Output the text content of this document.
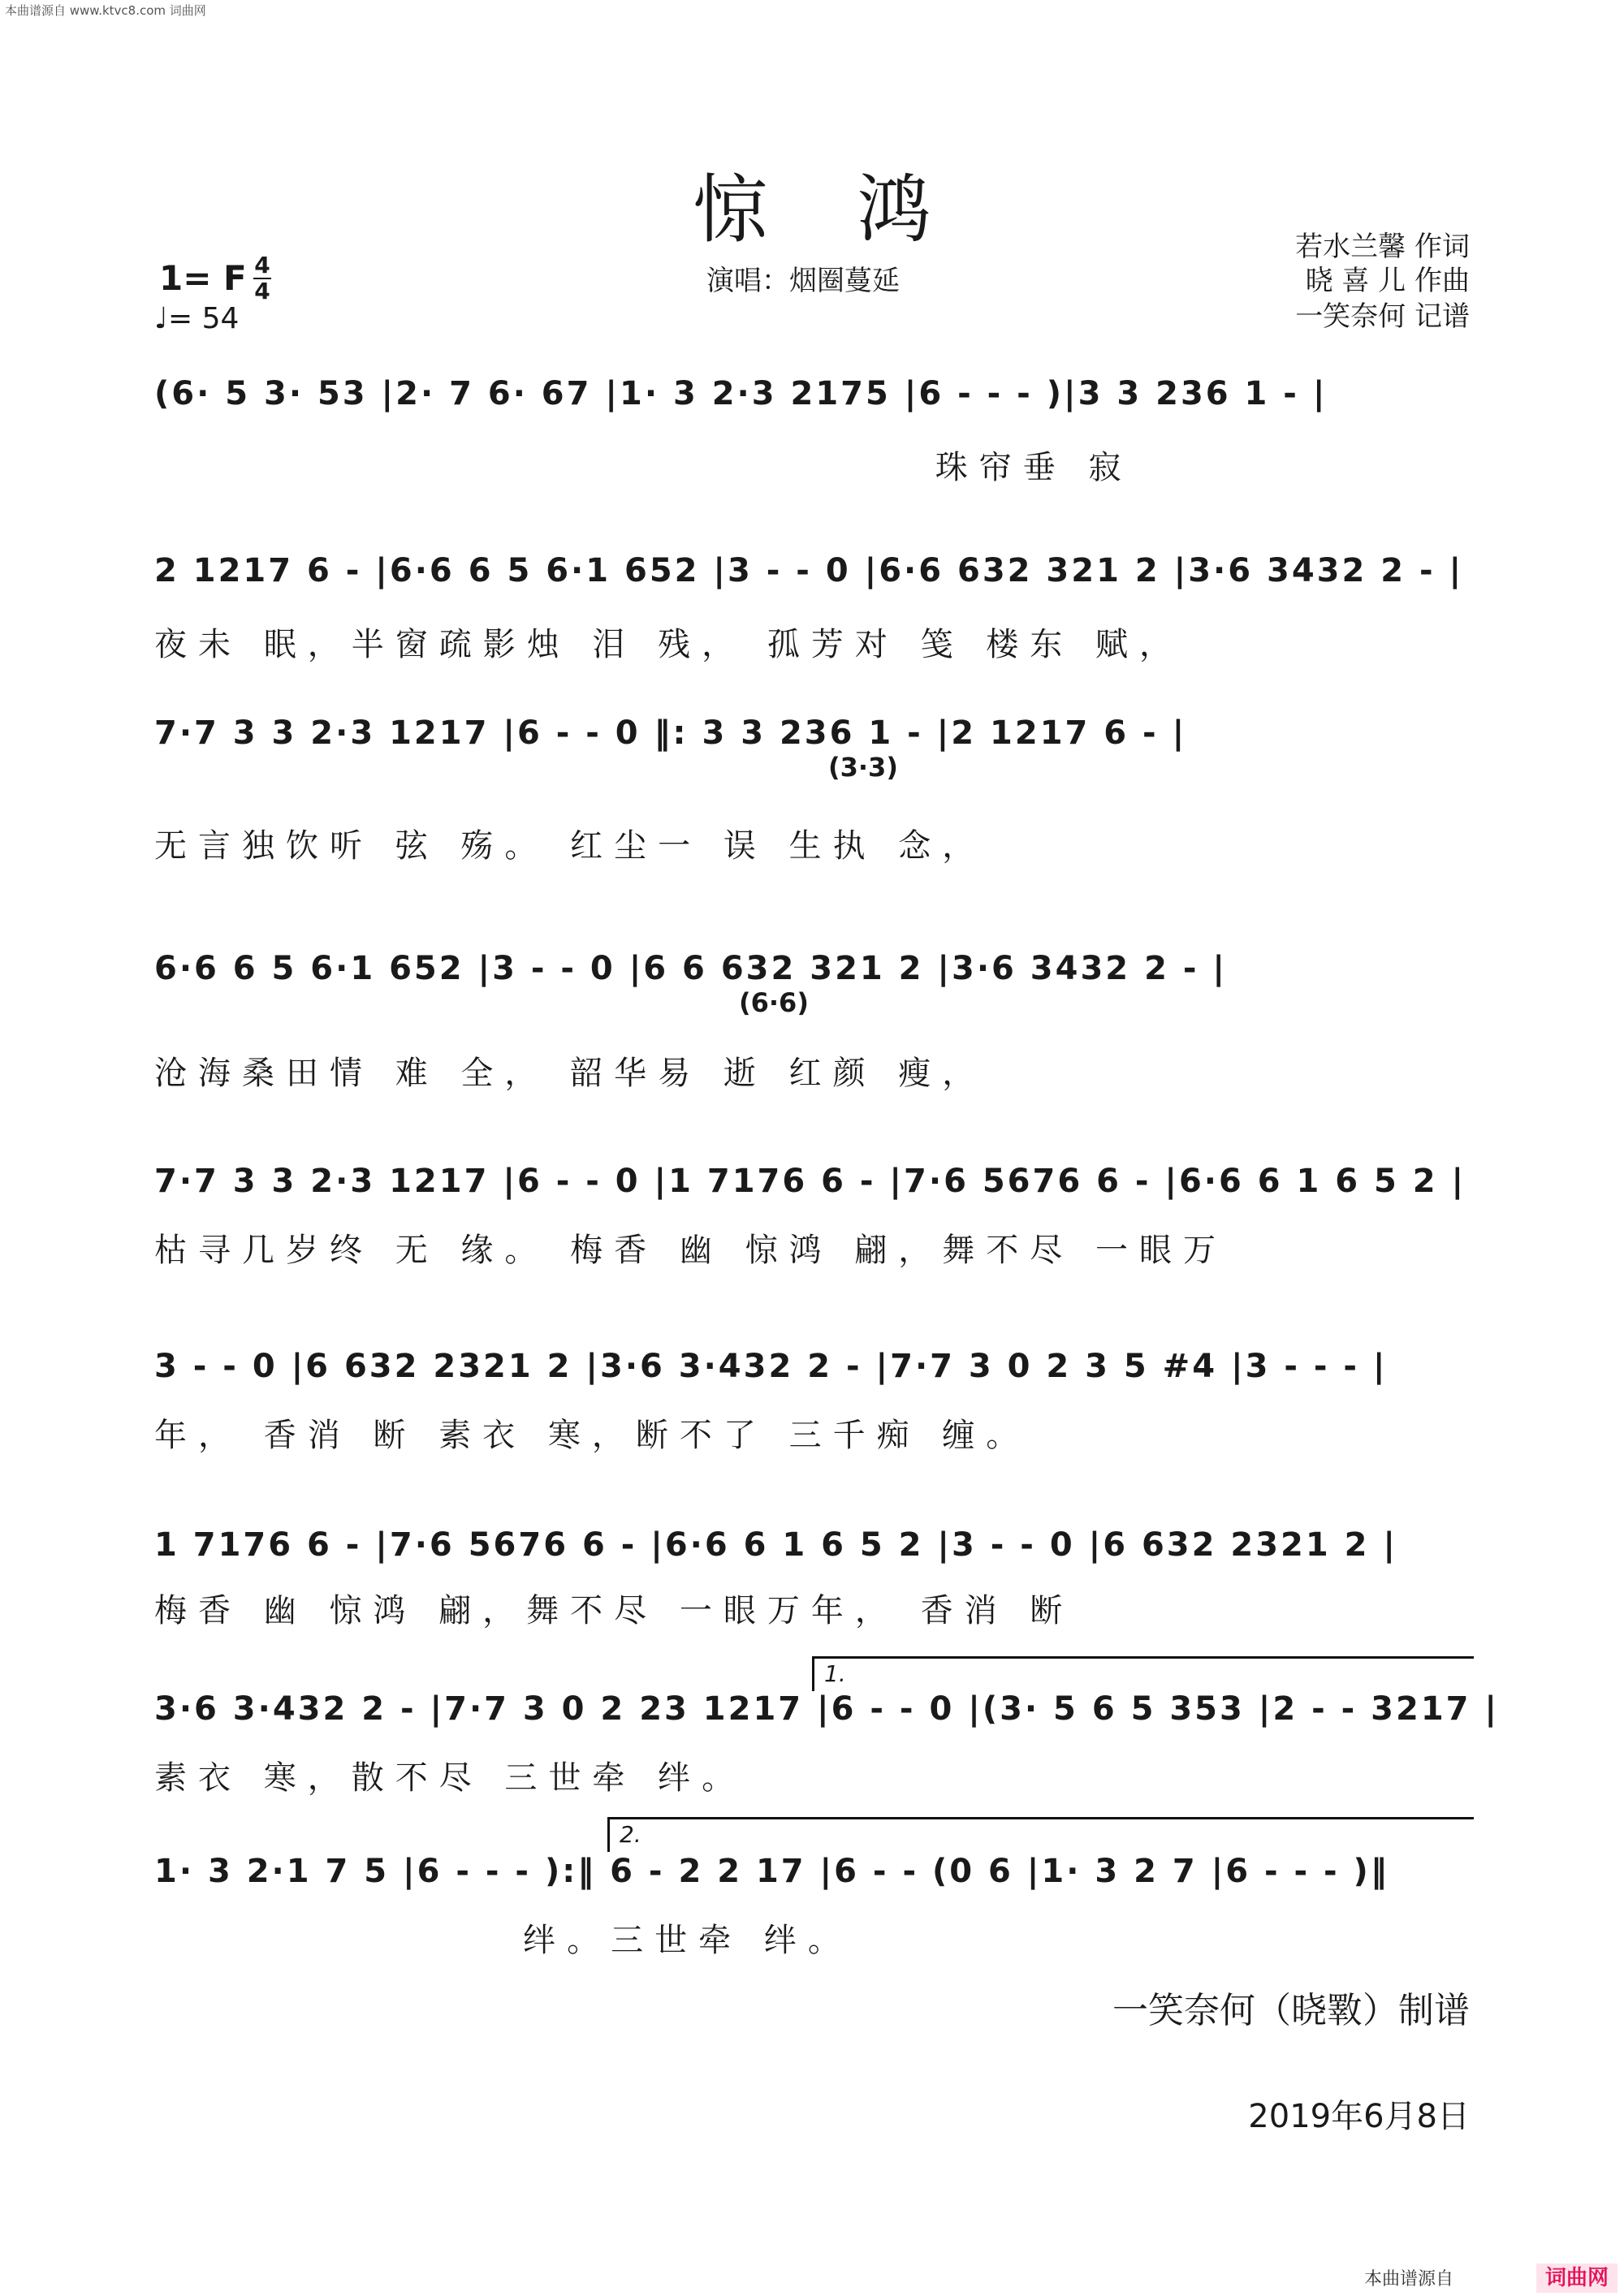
本曲谱源自 www.ktvc8.com 词曲网
惊鸿
1= F 4
4
♩= 54
演唱：烟圈蔓延
若水兰馨 作词
晓 喜 儿 作曲
一笑奈何 记谱
(6· 5 3· 53 |2· 7 6· 67 |1· 3 2·3 2175 |6 - - - )|3 3 236 1 - |
珠帘垂 寂
2 1217 6 - |6·6 6 5 6·1 652 |3 - - 0 |6·6 632 321 2 |3·6 3432 2 - |
夜未 眠，半窗疏影烛 泪 残， 孤芳对 笺 楼东 赋，
7·7 3 3 2·3 1217 |6 - - 0 ‖: 3 3 236 1 - |2 1217 6 - |
(3·3)
无言独饮听 弦 殇。 红尘一 误 生执 念，
6·6 6 5 6·1 652 |3 - - 0 |6 6 632 321 2 |3·6 3432 2 - |
(6·6)
沧海桑田情 难 全， 韶华易 逝 红颜 瘦，
7·7 3 3 2·3 1217 |6 - - 0 |1 7176 6 - |7·6 5676 6 - |6·6 6 1 6 5 2 |
枯寻几岁终 无 缘。 梅香 幽 惊鸿 翩，舞不尽 一眼万
3 - - 0 |6 632 2321 2 |3·6 3·432 2 - |7·7 3 0 2 3 5 #4 |3 - - - |
年， 香消 断 素衣 寒，断不了 三千痴 缠。
1 7176 6 - |7·6 5676 6 - |6·6 6 1 6 5 2 |3 - - 0 |6 632 2321 2 |
梅香 幽 惊鸿 翩，舞不尽 一眼万年， 香消 断
1.
3·6 3·432 2 - |7·7 3 0 2 23 1217 |6 - - 0 |(3· 5 6 5 353 |2 - - 3217 |
素衣 寒，散不尽 三世牵 绊。
2.
1· 3 2·1 7 5 |6 - - - ):‖ 6 - 2 2 17 |6 - - (0 6 |1· 3 2 7 |6 - - - )‖
绊。三世牵 绊。
一笑奈何（晓斁）制谱
2019年6月8日
本曲谱源自	词曲网
